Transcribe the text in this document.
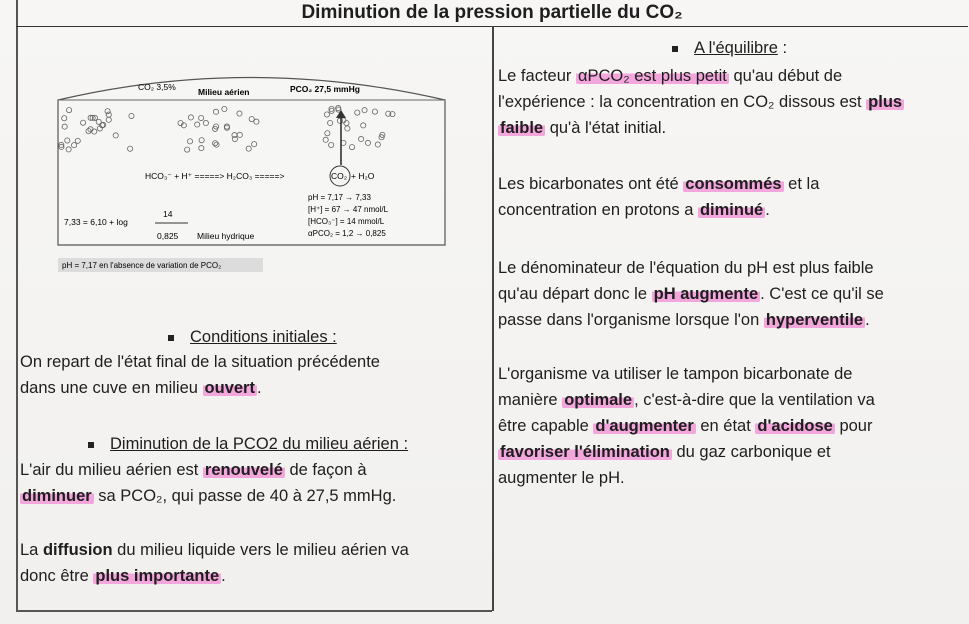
Diminution de la pression partielle du CO₂
CO₂ 3,5%	Milieu aérien	PCO₂ 27,5 mmHg
HCO₃⁻ + H⁺ =====> H₂CO₃ =====>	CO₂ + H₂O
pH = 7,17 → 7,33
[H⁺] = 67 → 47 nmol/L
[HCO₃⁻] = 14 mmol/L
αPCO₂ = 1,2 → 0,825
7,33 = 6,10 + log
14
0,825 Milieu hydrique
pH = 7,17 en l'absence de variation de PCO₂
Conditions initiales :
On repart de l'état final de la situation précédente
dans une cuve en milieu ouvert .
Diminution de la PCO2 du milieu aérien :
L'air du milieu aérien est renouvelé de façon à
diminuer sa PCO₂, qui passe de 40 à 27,5 mmHg.
La diffusion du milieu liquide vers le milieu aérien va
donc être plus importante .
A l'équilibre :
Le facteur αPCO₂ est plus petit qu'au début de
l'expérience : la concentration en CO₂ dissous est plus
faible qu'à l'état initial.
Les bicarbonates ont été consommés et la
concentration en protons a diminué .
Le dénominateur de l'équation du pH est plus faible
qu'au départ donc le pH augmente . C'est ce qu'il se
passe dans l'organisme lorsque l'on hyperventile .
L'organisme va utiliser le tampon bicarbonate de
manière optimale , c'est-à-dire que la ventilation va
être capable d'augmenter en état d'acidose pour
favoriser l'élimination du gaz carbonique et
augmenter le pH.
